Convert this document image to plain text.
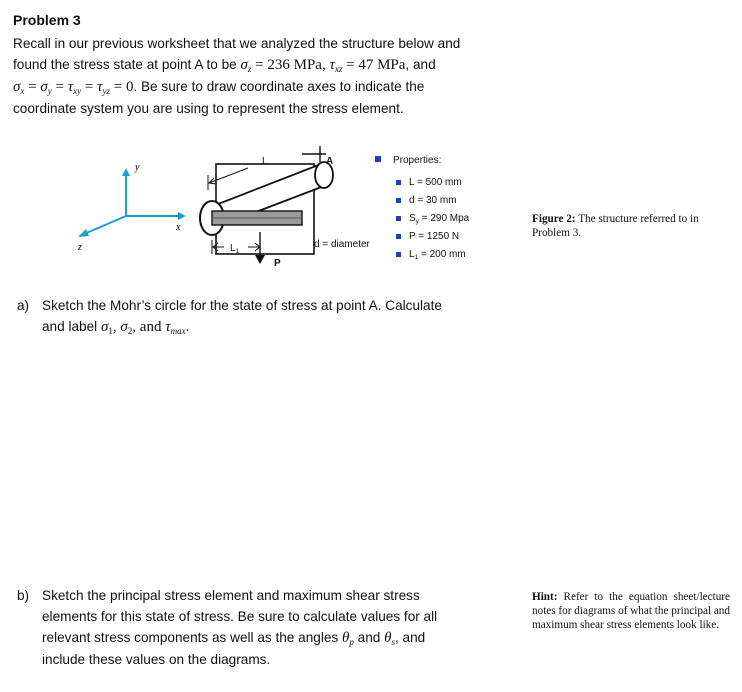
Problem 3
Recall in our previous worksheet that we analyzed the structure below and
found the stress state at point A to be $\sigma_z = 236$ MPa, $\tau_{xz} = 47$ MPa, and
$\sigma_x = \sigma_y = \tau_{xy} = \tau_{yz} = 0$. Be sure to draw coordinate axes to indicate the
coordinate system you are using to represent the stress element.
y
x
z
A
L
$L_1$
P
d = diameter
Properties:
L = 500 mm
d = 30 mm
$S_y = 290$ Mpa
P = 1250 N
$L_1 = 200$ mm
Figure 2: The structure referred to in Problem 3.
a) Sketch the Mohr’s circle for the state of stress at point A. Calculate
and label $\sigma_1$, $\sigma_2$, and $\tau_{max}$.
b) Sketch the principal stress element and maximum shear stress
elements for this state of stress. Be sure to calculate values for all
relevant stress components as well as the angles $\theta_p$ and $\theta_s$, and
include these values on the diagrams.
Hint: Refer to the equation sheet/lecture notes for diagrams of what the principal and maximum shear stress elements look like.
